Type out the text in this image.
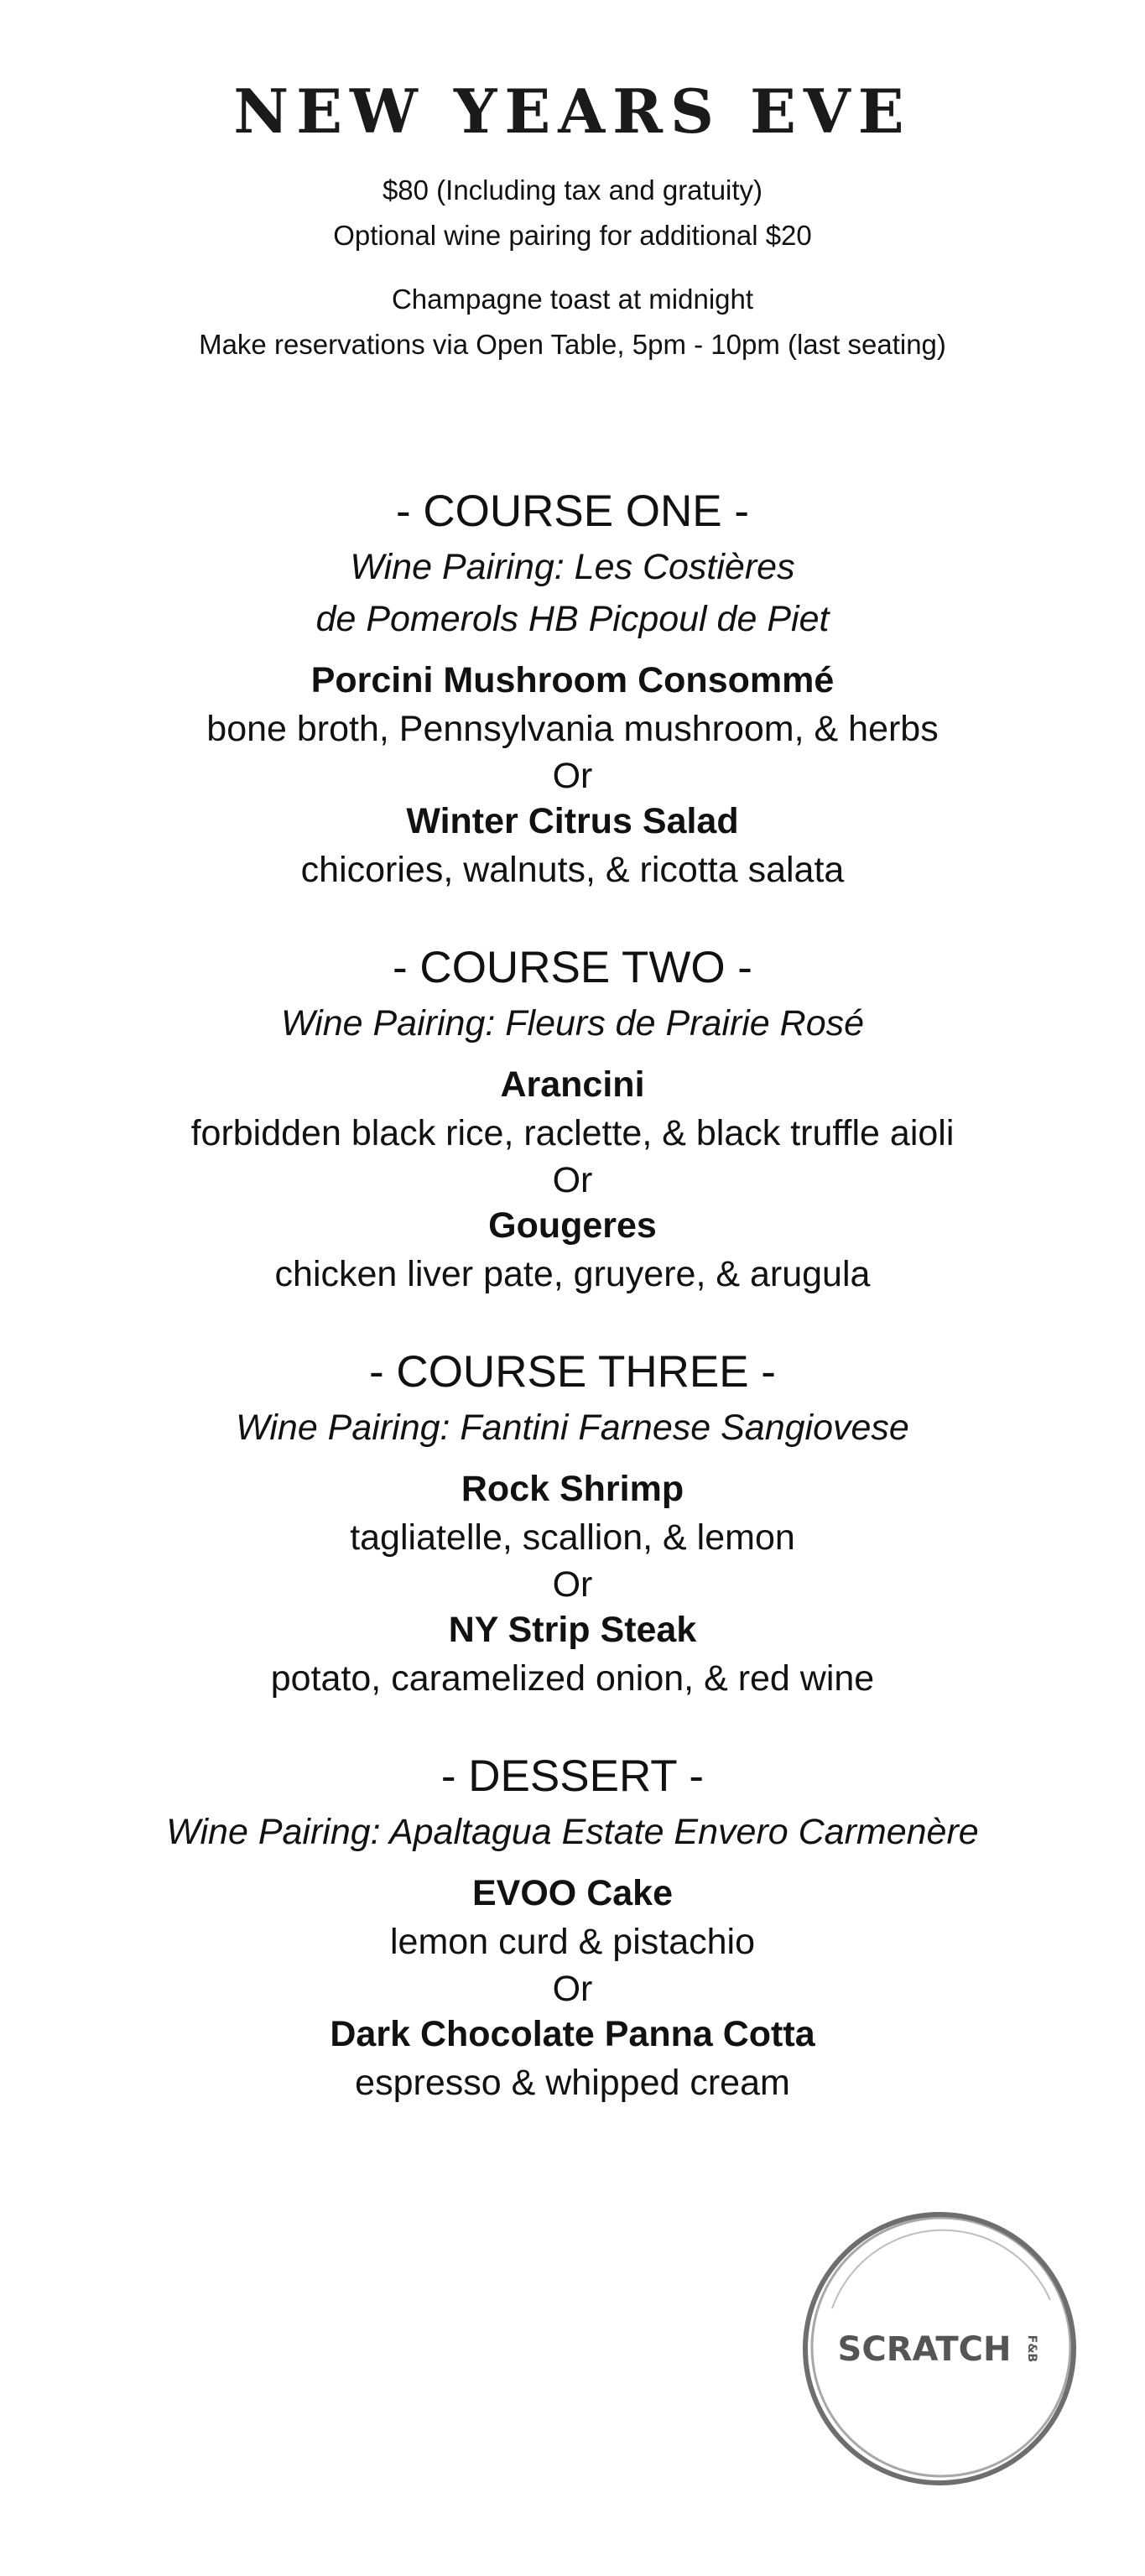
NEW YEARS EVE

$80 (Including tax and gratuity)

Optional wine pairing for additional $20

Champagne toast at midnight

Make reservations via Open Table, 5pm - 10pm (last seating)

- COURSE ONE -

Wine Pairing: Les Costières
de Pomerols HB Picpoul de Piet

Porcini Mushroom Consommé

bone broth, Pennsylvania mushroom, & herbs

Or

Winter Citrus Salad

chicories, walnuts, & ricotta salata

- COURSE TWO -

Wine Pairing: Fleurs de Prairie Rosé

Arancini

forbidden black rice, raclette, & black truffle aioli

Or

Gougeres

chicken liver pate, gruyere, & arugula

- COURSE THREE -

Wine Pairing: Fantini Farnese Sangiovese

Rock Shrimp

tagliatelle, scallion, & lemon

Or

NY Strip Steak

potato, caramelized onion, & red wine

- DESSERT -

Wine Pairing: Apaltagua Estate Envero Carmenère

EVOO Cake

lemon curd & pistachio

Or

Dark Chocolate Panna Cotta

espresso & whipped cream

SCRATCH F&B
